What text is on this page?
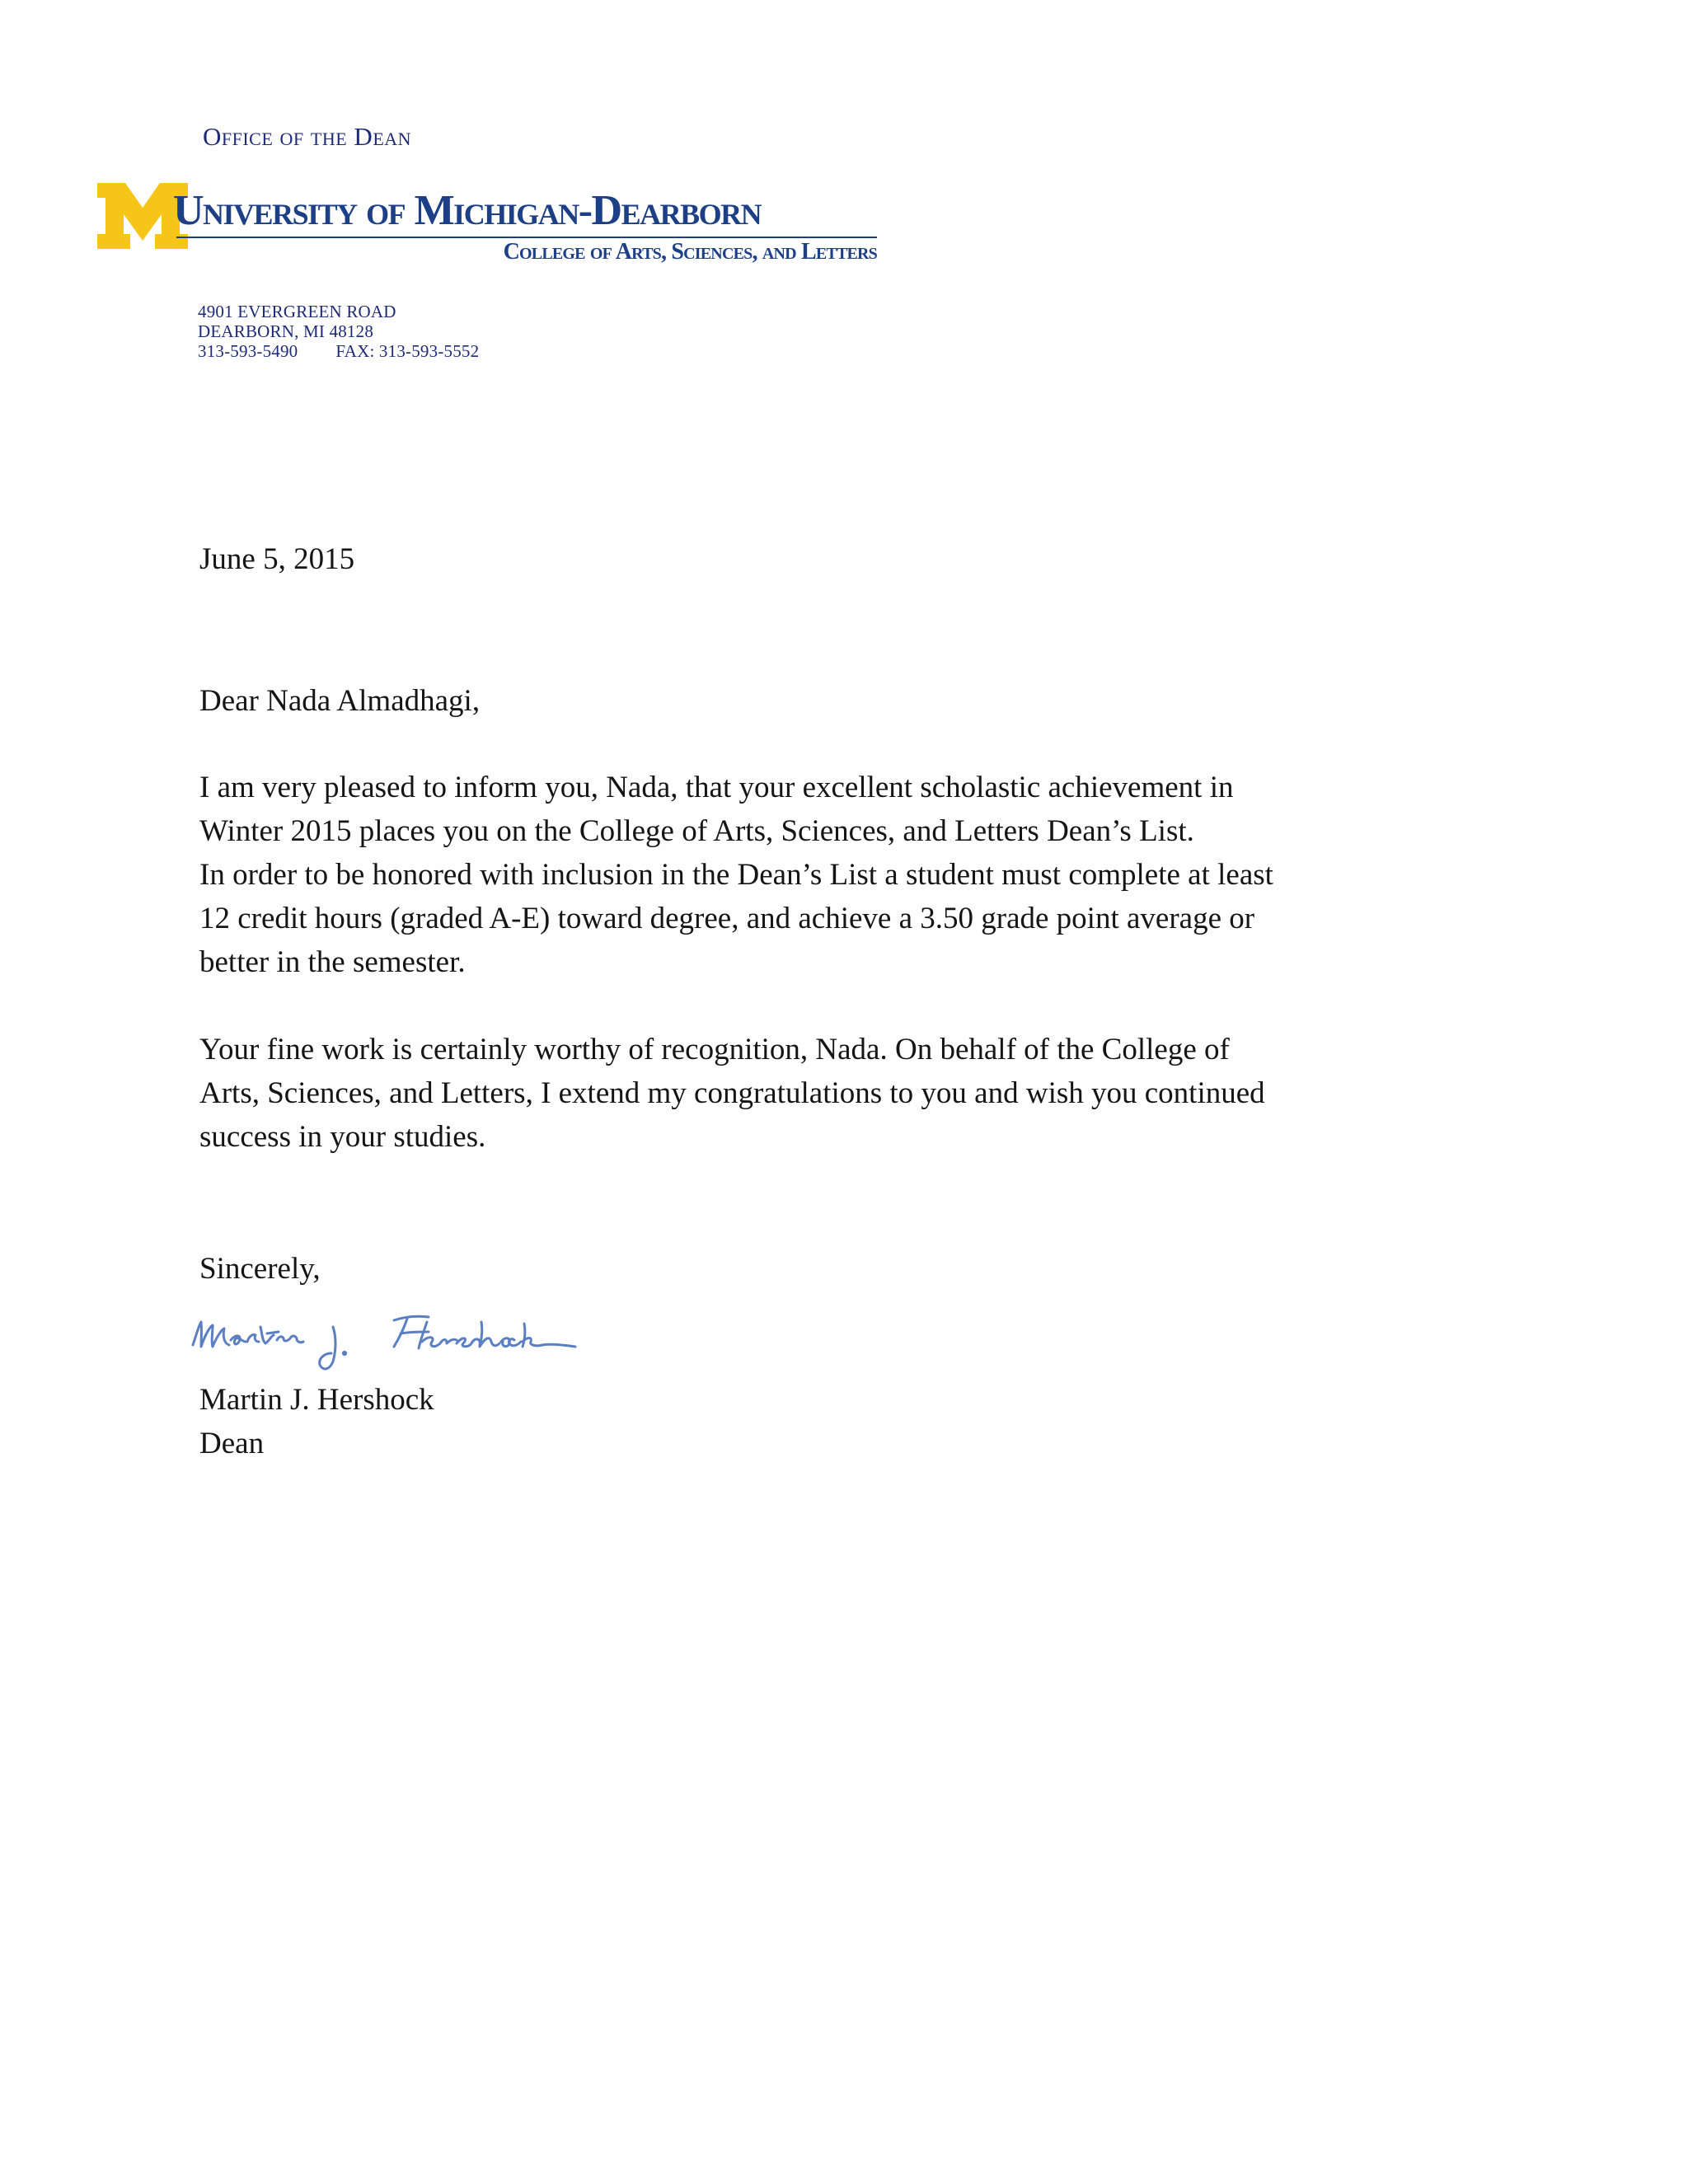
Office of the Dean
University of Michigan-Dearborn
College of Arts, Sciences, and Letters
4901 EVERGREEN ROAD
DEARBORN, MI 48128
313-593-5490 FAX: 313-593-5552

June 5, 2015

Dear Nada Almadhagi,

I am very pleased to inform you, Nada, that your excellent scholastic achievement in
Winter 2015 places you on the College of Arts, Sciences, and Letters Dean’s List.
In order to be honored with inclusion in the Dean’s List a student must complete at least
12 credit hours (graded A-E) toward degree, and achieve a 3.50 grade point average or
better in the semester.

Your fine work is certainly worthy of recognition, Nada. On behalf of the College of
Arts, Sciences, and Letters, I extend my congratulations to you and wish you continued
success in your studies.

Sincerely,

Martin J. Hershock

Dean
